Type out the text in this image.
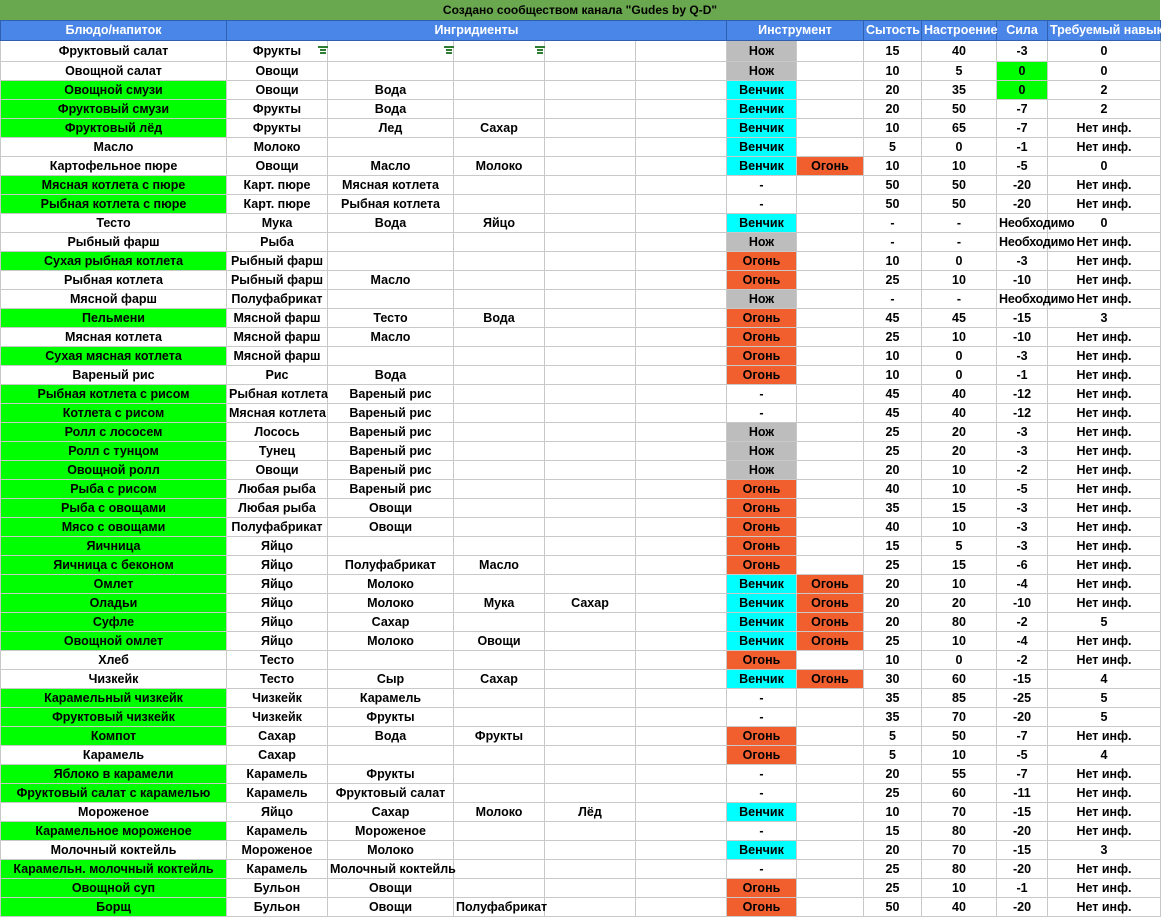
Создано сообществом канала "Gudes by Q-D"
Блюдо/напиток	Ингридиенты					Инструмент		Сытость	Настроение	Сила	Требуемый навык
Фруктовый салат	Фрукты					Нож		15	40	-3	0
Овощной салат	Овощи					Нож		10	5	0	0
Овощной смузи	Овощи	Вода				Венчик		20	35	0	2
Фруктовый смузи	Фрукты	Вода				Венчик		20	50	-7	2
Фруктовый лёд	Фрукты	Лед	Сахар			Венчик		10	65	-7	Нет инф.
Масло	Молоко					Венчик		5	0	-1	Нет инф.
Картофельное пюре	Овощи	Масло	Молоко			Венчик	Огонь	10	10	-5	0
Мясная котлета с пюре	Карт. пюре	Мясная котлета				-		50	50	-20	Нет инф.
Рыбная котлета с пюре	Карт. пюре	Рыбная котлета				-		50	50	-20	Нет инф.
Тесто	Мука	Вода	Яйцо			Венчик		-	-	Необходимо	0
Рыбный фарш	Рыба					Нож		-	-	Необходимо	Нет инф.
Сухая рыбная котлета	Рыбный фарш					Огонь		10	0	-3	Нет инф.
Рыбная котлета	Рыбный фарш	Масло				Огонь		25	10	-10	Нет инф.
Мясной фарш	Полуфабрикат					Нож		-	-	Необходимо	Нет инф.
Пельмени	Мясной фарш	Тесто	Вода			Огонь		45	45	-15	3
Мясная котлета	Мясной фарш	Масло				Огонь		25	10	-10	Нет инф.
Сухая мясная котлета	Мясной фарш					Огонь		10	0	-3	Нет инф.
Вареный рис	Рис	Вода				Огонь		10	0	-1	Нет инф.
Рыбная котлета с рисом	Рыбная котлета	Вареный рис				-		45	40	-12	Нет инф.
Котлета с рисом	Мясная котлета	Вареный рис				-		45	40	-12	Нет инф.
Ролл с лососем	Лосось	Вареный рис				Нож		25	20	-3	Нет инф.
Ролл с тунцом	Тунец	Вареный рис				Нож		25	20	-3	Нет инф.
Овощной ролл	Овощи	Вареный рис				Нож		20	10	-2	Нет инф.
Рыба с рисом	Любая рыба	Вареный рис				Огонь		40	10	-5	Нет инф.
Рыба с овощами	Любая рыба	Овощи				Огонь		35	15	-3	Нет инф.
Мясо с овощами	Полуфабрикат	Овощи				Огонь		40	10	-3	Нет инф.
Яичница	Яйцо					Огонь		15	5	-3	Нет инф.
Яичница с беконом	Яйцо	Полуфабрикат	Масло			Огонь		25	15	-6	Нет инф.
Омлет	Яйцо	Молоко				Венчик	Огонь	20	10	-4	Нет инф.
Оладьи	Яйцо	Молоко	Мука	Сахар		Венчик	Огонь	20	20	-10	Нет инф.
Суфле	Яйцо	Сахар				Венчик	Огонь	20	80	-2	5
Овощной омлет	Яйцо	Молоко	Овощи			Венчик	Огонь	25	10	-4	Нет инф.
Хлеб	Тесто					Огонь		10	0	-2	Нет инф.
Чизкейк	Тесто	Сыр	Сахар			Венчик	Огонь	30	60	-15	4
Карамельный чизкейк	Чизкейк	Карамель				-		35	85	-25	5
Фруктовый чизкейк	Чизкейк	Фрукты				-		35	70	-20	5
Компот	Сахар	Вода	Фрукты			Огонь		5	50	-7	Нет инф.
Карамель	Сахар					Огонь		5	10	-5	4
Яблоко в карамели	Карамель	Фрукты				-		20	55	-7	Нет инф.
Фруктовый салат с карамелью	Карамель	Фруктовый салат				-		25	60	-11	Нет инф.
Мороженое	Яйцо	Сахар	Молоко	Лёд		Венчик		10	70	-15	Нет инф.
Карамельное мороженое	Карамель	Мороженое				-		15	80	-20	Нет инф.
Молочный коктейль	Мороженое	Молоко				Венчик		20	70	-15	3
Карамельн. молочный коктейль	Карамель	Молочный коктейль				-		25	80	-20	Нет инф.
Овощной суп	Бульон	Овощи				Огонь		25	10	-1	Нет инф.
Борщ	Бульон	Овощи	Полуфабрикат			Огонь		50	40	-20	Нет инф.
